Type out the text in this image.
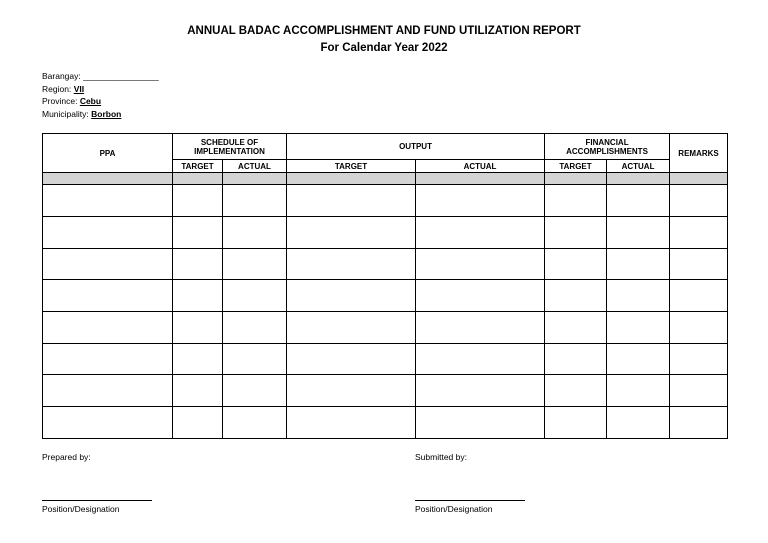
ANNUAL BADAC ACCOMPLISHMENT AND FUND UTILIZATION REPORT
For Calendar Year 2022
Barangay: ________________
Region: VII
Province: Cebu
Municipality: Borbon
PPA	SCHEDULE OF IMPLEMENTATION		OUTPUT		FINANCIAL ACCOMPLISHMENTS		REMARKS
	TARGET	ACTUAL	TARGET	ACTUAL	TARGET	ACTUAL	

Prepared by:	Submitted by:
Position/Designation	Position/Designation
